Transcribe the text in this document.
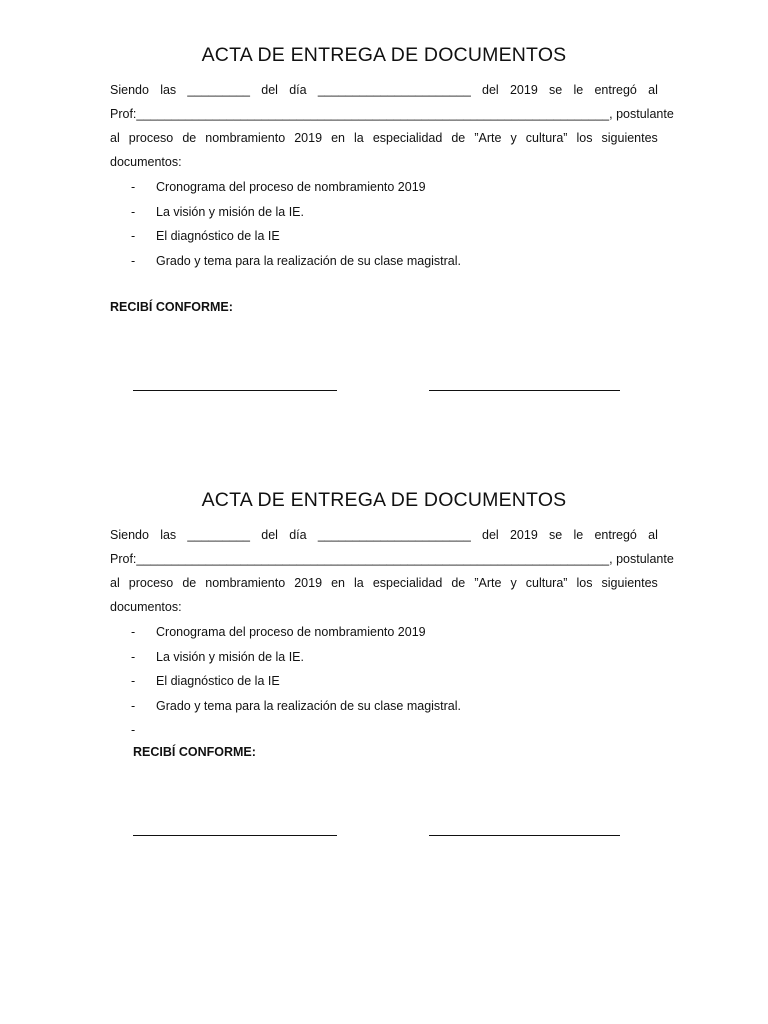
ACTA DE ENTREGA DE DOCUMENTOS
Siendo las _________ del día ______________________ del 2019 se le entregó al
Prof:____________________________________________________________________, postulante
al proceso de nombramiento 2019 en la especialidad de ”Arte y cultura” los siguientes
documentos:
- Cronograma del proceso de nombramiento 2019
- La visión y misión de la IE.
- El diagnóstico de la IE
- Grado y tema para la realización de su clase magistral.
RECIBÍ CONFORME:
ACTA DE ENTREGA DE DOCUMENTOS
Siendo las _________ del día ______________________ del 2019 se le entregó al
Prof:____________________________________________________________________, postulante
al proceso de nombramiento 2019 en la especialidad de ”Arte y cultura” los siguientes
documentos:
- Cronograma del proceso de nombramiento 2019
- La visión y misión de la IE.
- El diagnóstico de la IE
- Grado y tema para la realización de su clase magistral.
-
RECIBÍ CONFORME:
